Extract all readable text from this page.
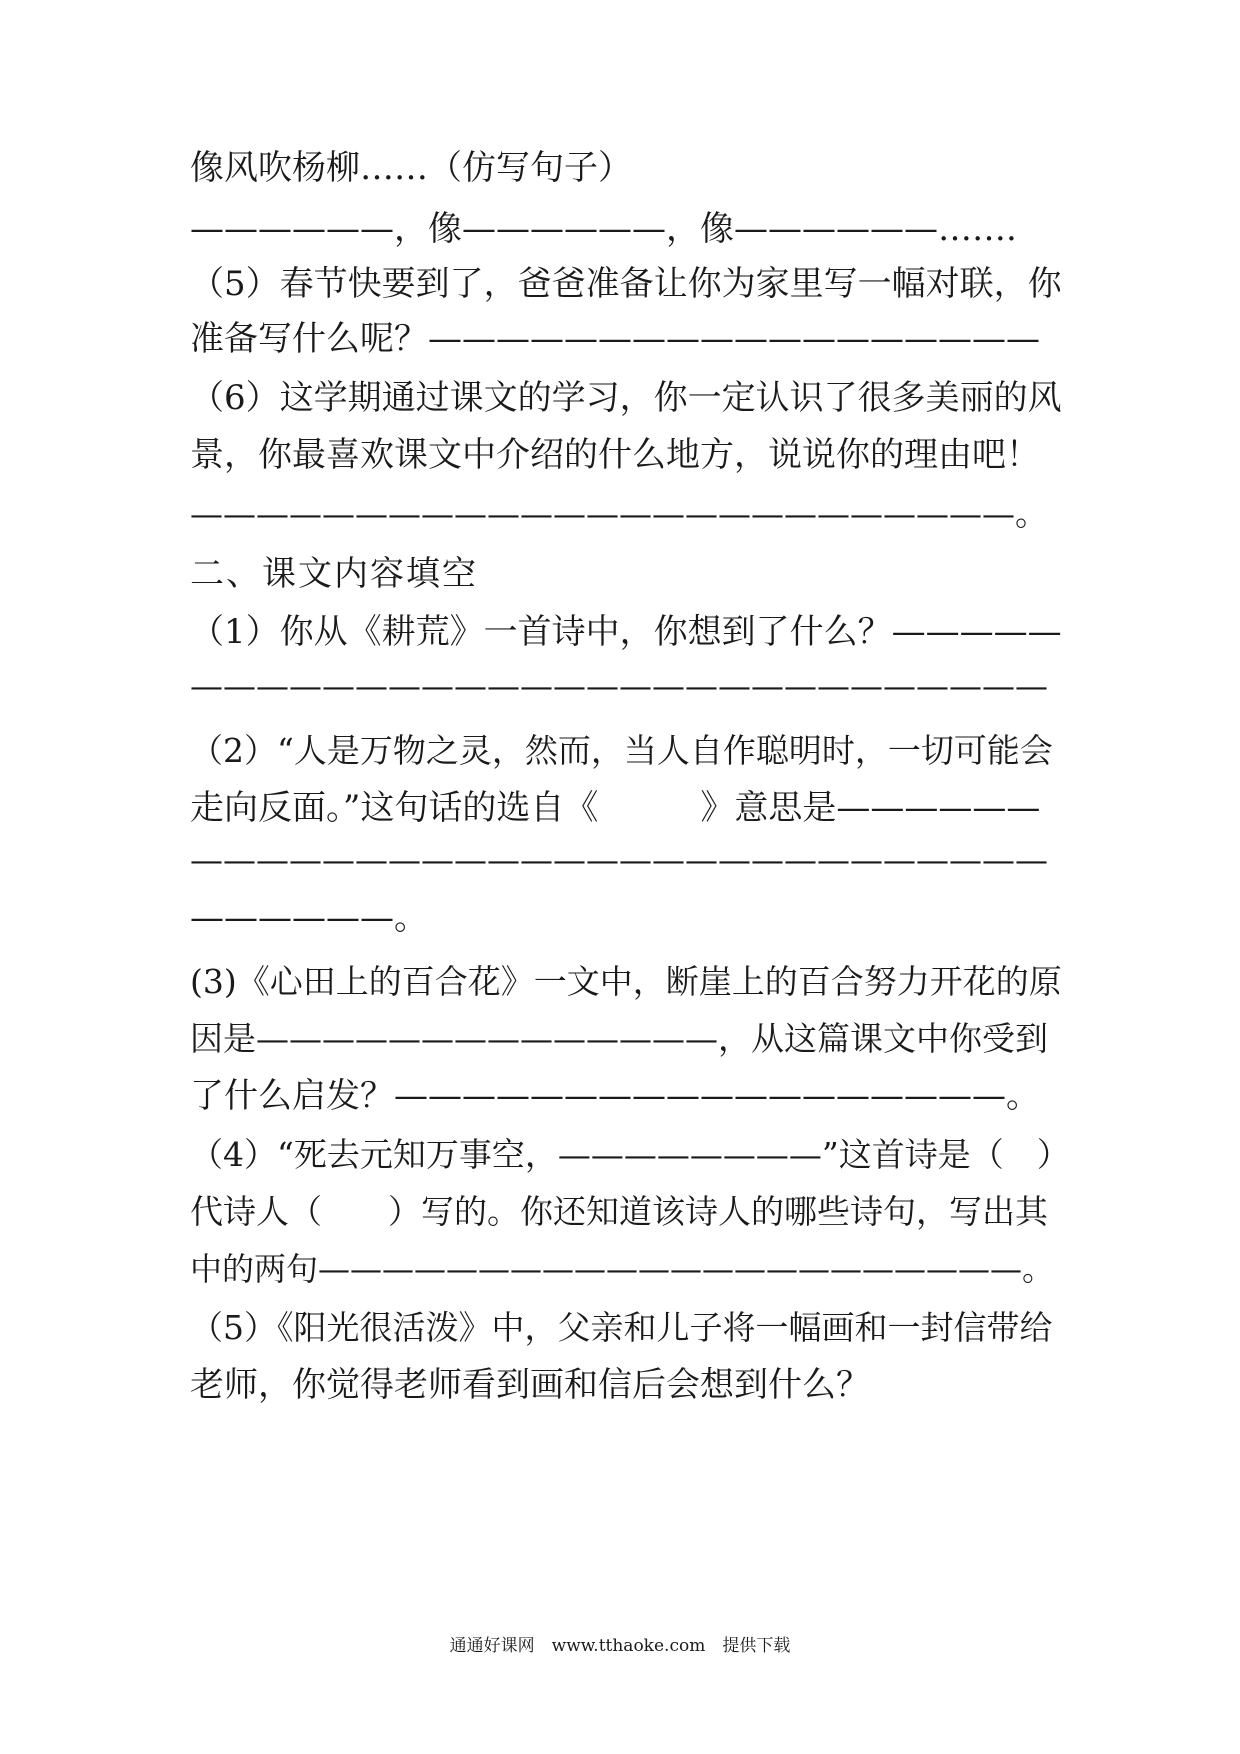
像风吹杨柳……（仿写句子）
——————，像——————，像——————…….
（5）春节快要到了，爸爸准备让你为家里写一幅对联，你
准备写什么呢？——————————————————
（6）这学期通过课文的学习，你一定认识了很多美丽的风
景，你最喜欢课文中介绍的什么地方，说说你的理由吧！
—————————————————————————。
二、课文内容填空
（1）你从《耕荒》一首诗中，你想到了什么？—————
——————————————————————————
（2）“人是万物之灵，然而，当人自作聪明时，一切可能会
走向反面。”这句话的选自《　　　》意思是——————
——————————————————————————
——————。
(3)《心田上的百合花》一文中，断崖上的百合努力开花的原
因是——————————————，从这篇课文中你受到
了什么启发？——————————————————。
（4）“死去元知万事空，————————”这首诗是（　）
代诗人（　　）写的。你还知道该诗人的哪些诗句，写出其
中的两句——————————————————————。
（5）《阳光很活泼》中，父亲和儿子将一幅画和一封信带给
老师，你觉得老师看到画和信后会想到什么？
通通好课网　www.tthaoke.com　提供下载
